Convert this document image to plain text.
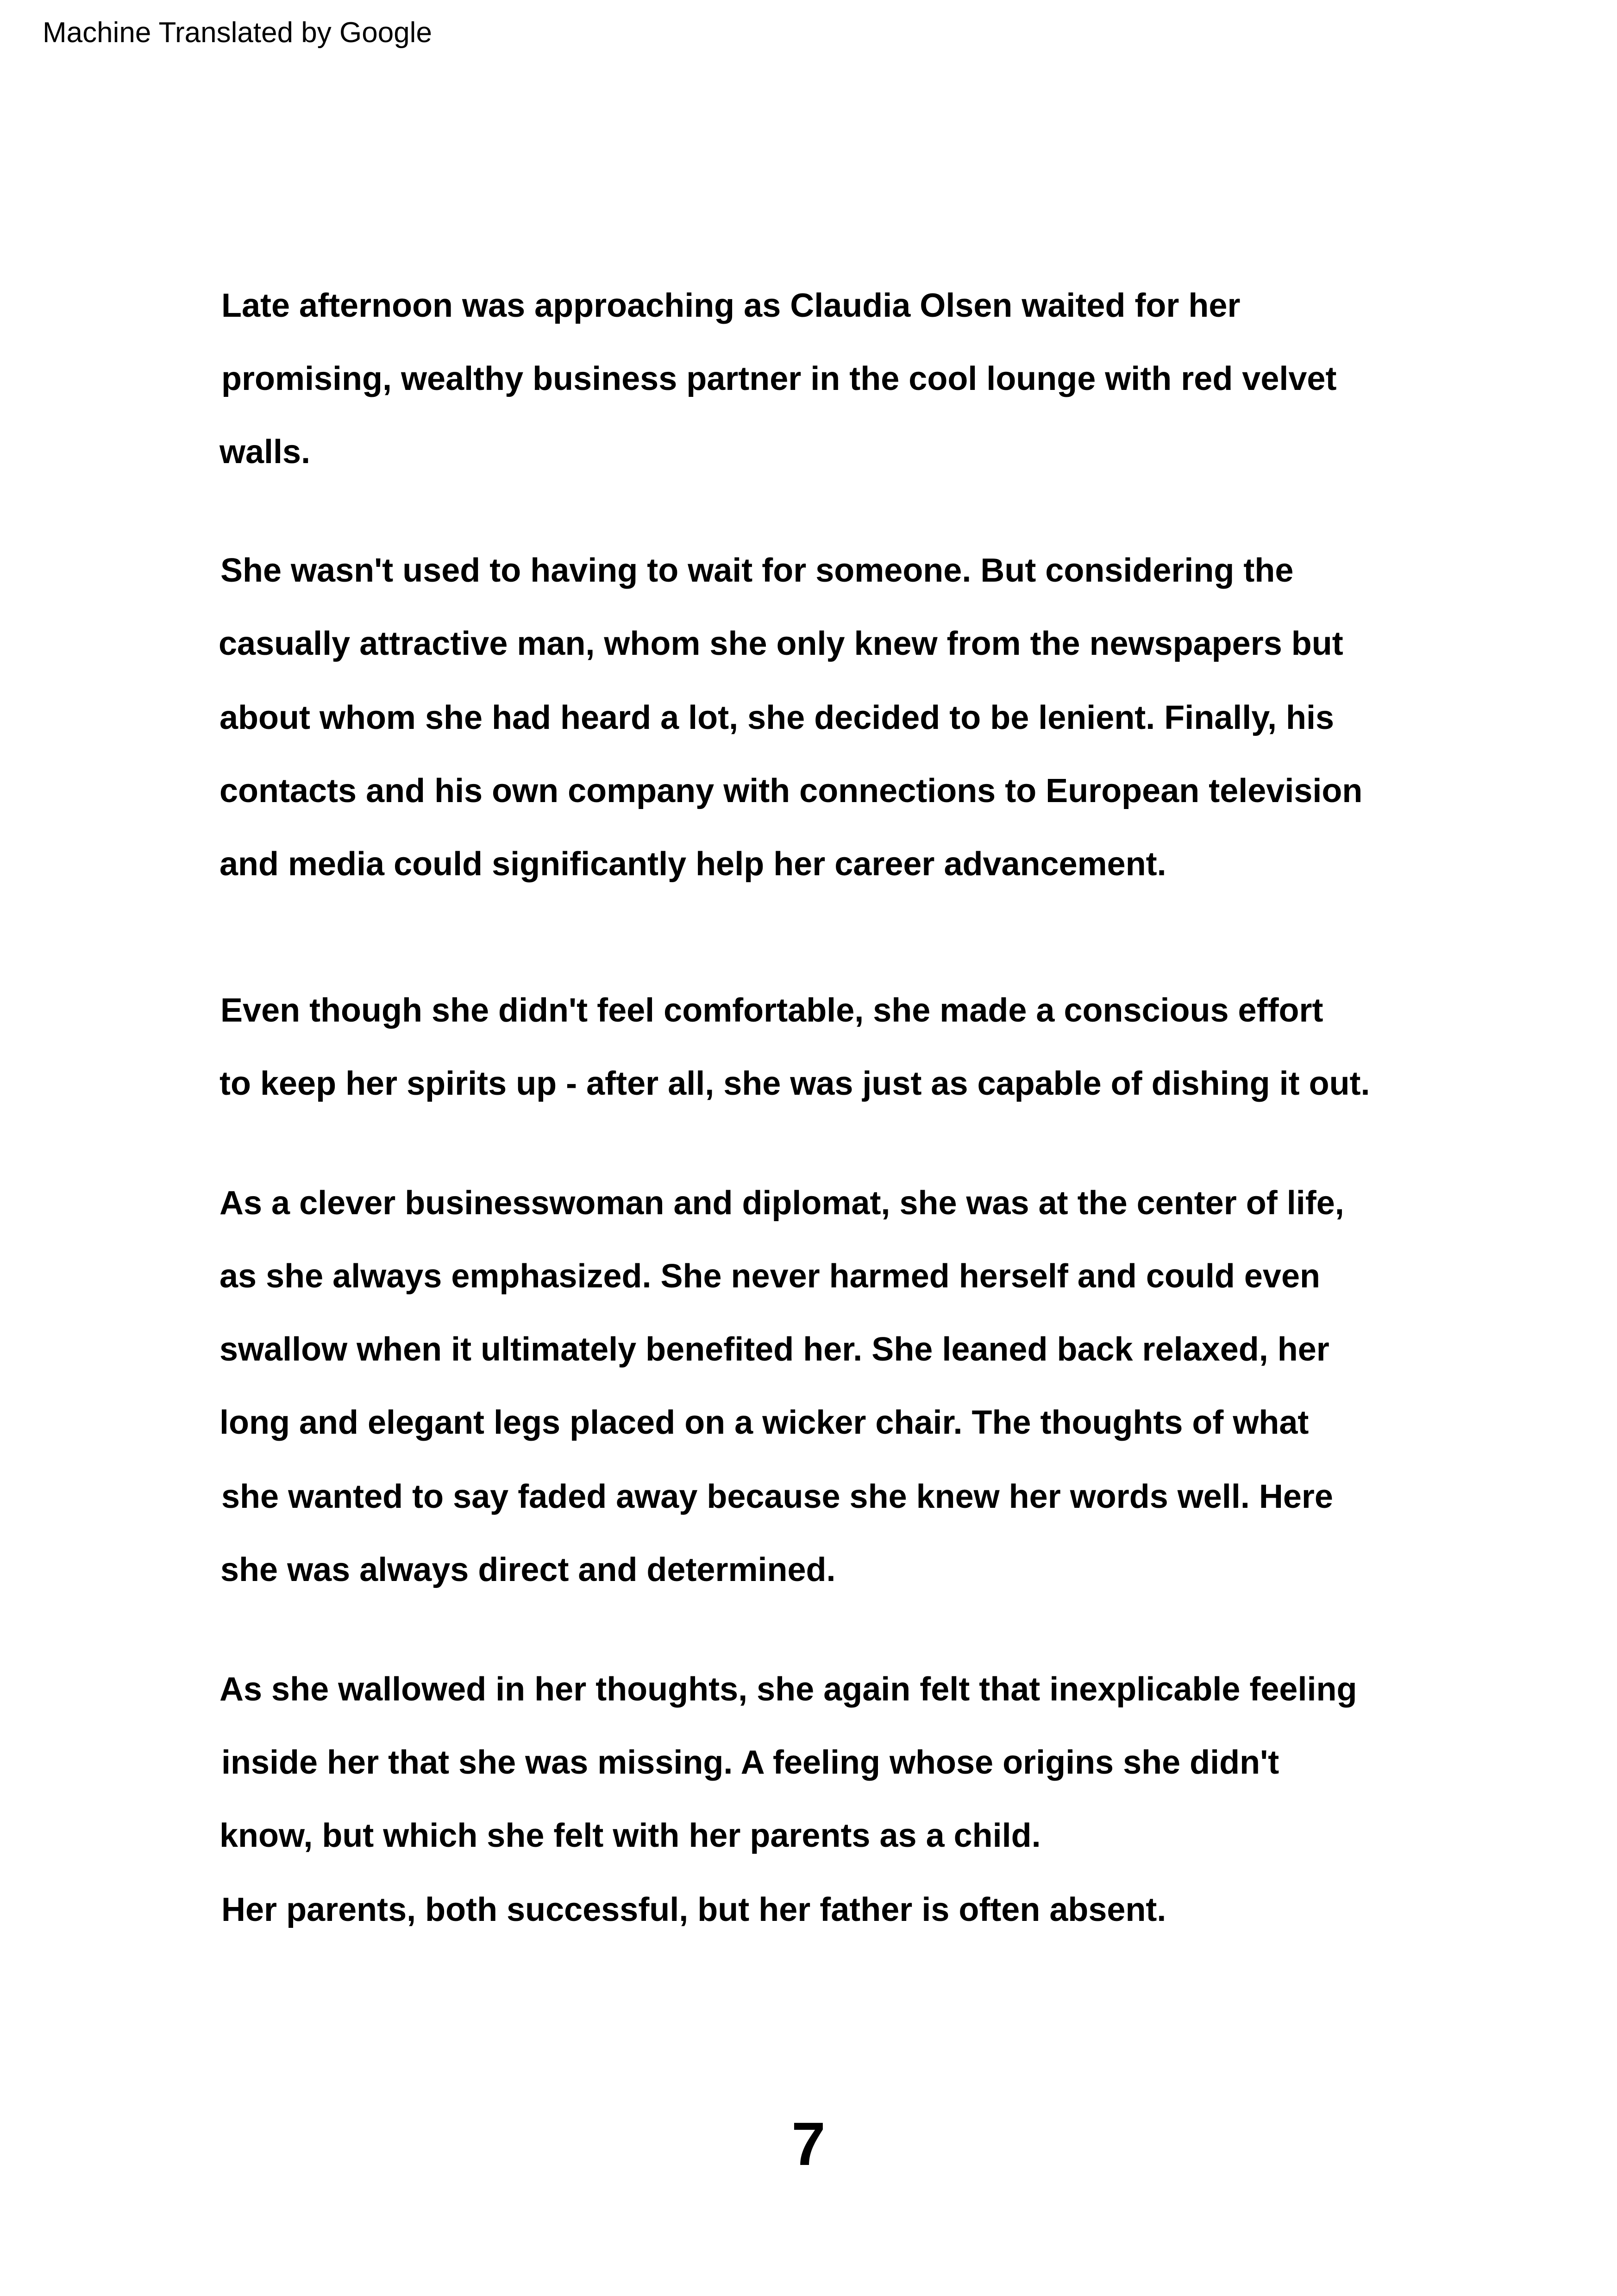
Machine Translated by Google
Late afternoon was approaching as Claudia Olsen waited for her
promising, wealthy business partner in the cool lounge with red velvet
walls.
She wasn't used to having to wait for someone. But considering the
casually attractive man, whom she only knew from the newspapers but
about whom she had heard a lot, she decided to be lenient. Finally, his
contacts and his own company with connections to European television
and media could significantly help her career advancement.
Even though she didn't feel comfortable, she made a conscious effort
to keep her spirits up - after all, she was just as capable of dishing it out.
As a clever businesswoman and diplomat, she was at the center of life,
as she always emphasized. She never harmed herself and could even
swallow when it ultimately benefited her. She leaned back relaxed, her
long and elegant legs placed on a wicker chair. The thoughts of what
she wanted to say faded away because she knew her words well. Here
she was always direct and determined.
As she wallowed in her thoughts, she again felt that inexplicable feeling
inside her that she was missing. A feeling whose origins she didn't
know, but which she felt with her parents as a child.
Her parents, both successful, but her father is often absent.
7
